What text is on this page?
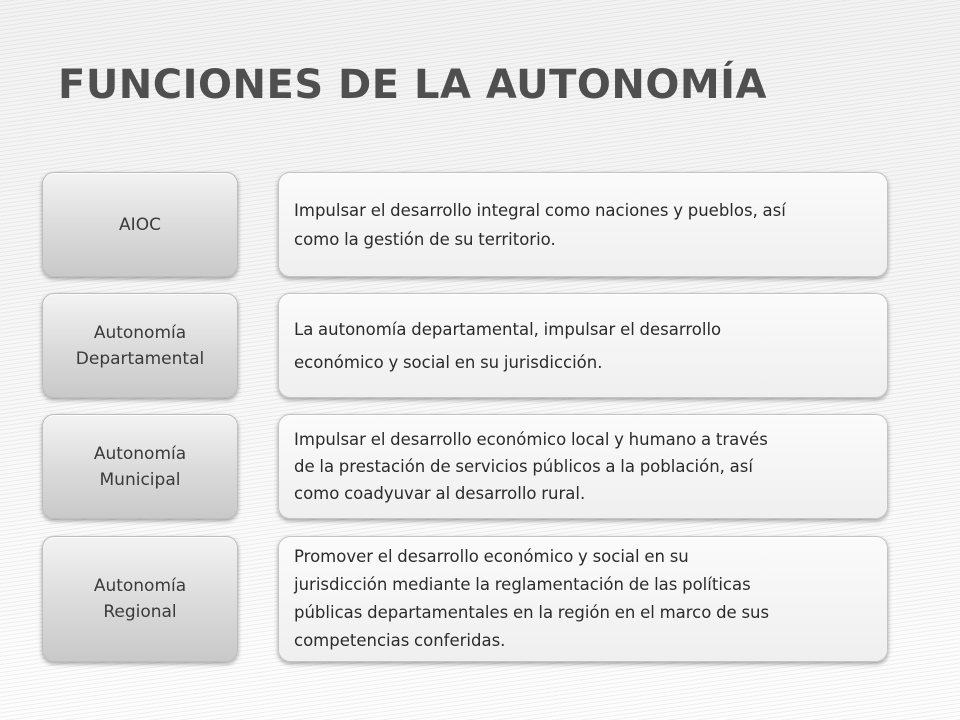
FUNCIONES DE LA AUTONOMÍA
AIOC
Impulsar el desarrollo integral como naciones y pueblos, así
como la gestión de su territorio.
Autonomía
Departamental
La autonomía departamental, impulsar el desarrollo
económico y social en su jurisdicción.
Autonomía
Municipal
Impulsar el desarrollo económico local y humano a través
de la prestación de servicios públicos a la población, así
como coadyuvar al desarrollo rural.
Autonomía
Regional
Promover el desarrollo económico y social en su
jurisdicción mediante la reglamentación de las políticas
públicas departamentales en la región en el marco de sus
competencias conferidas.
